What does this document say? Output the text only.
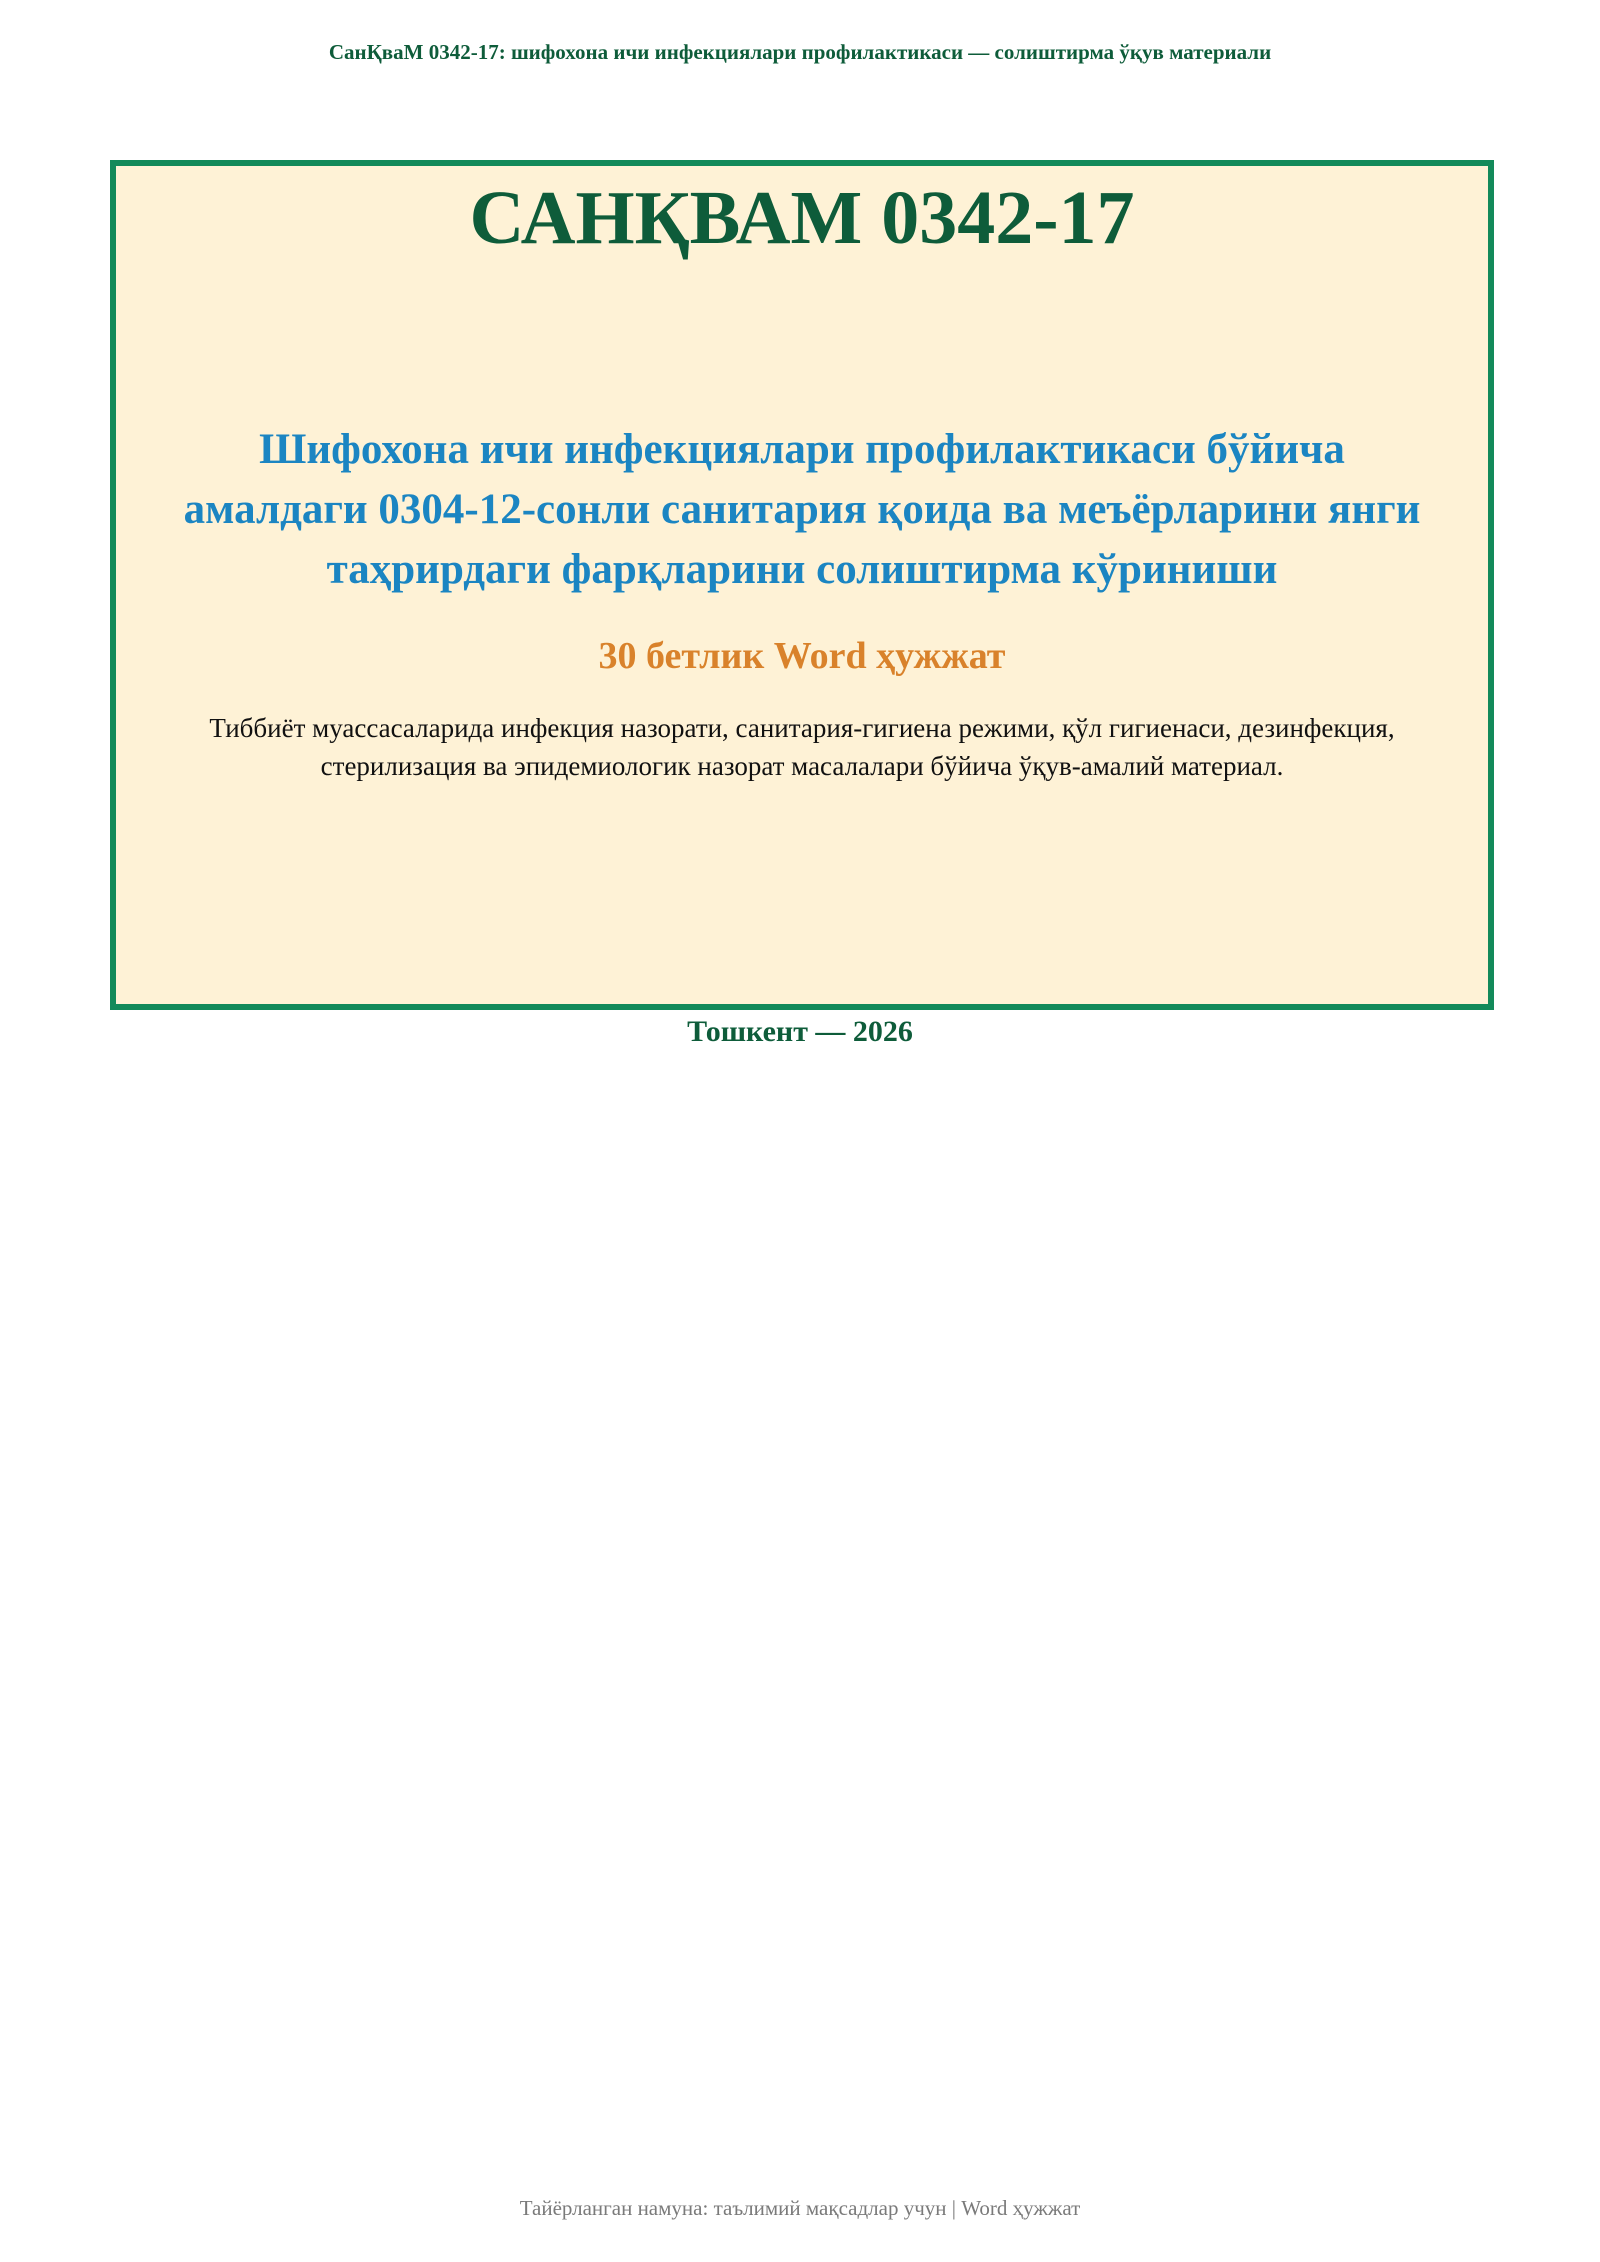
СанҚваМ 0342-17: шифохона ичи инфекциялари профилактикаси — солиштирма ўқув материали
САНҚВАМ 0342-17
Шифохона ичи инфекциялари профилактикаси бўйича
амалдаги 0304-12-сонли санитария қоида ва меъёрларини янги
таҳрирдаги фарқларини солиштирма кўриниши
30 бетлик Word ҳужжат
Тиббиёт муассасаларида инфекция назорати, санитария-гигиена режими, қўл гигиенаси, дезинфекция,
стерилизация ва эпидемиологик назорат масалалари бўйича ўқув-амалий материал.
Тошкент — 2026
Тайёрланган намуна: таълимий мақсадлар учун | Word ҳужжат
